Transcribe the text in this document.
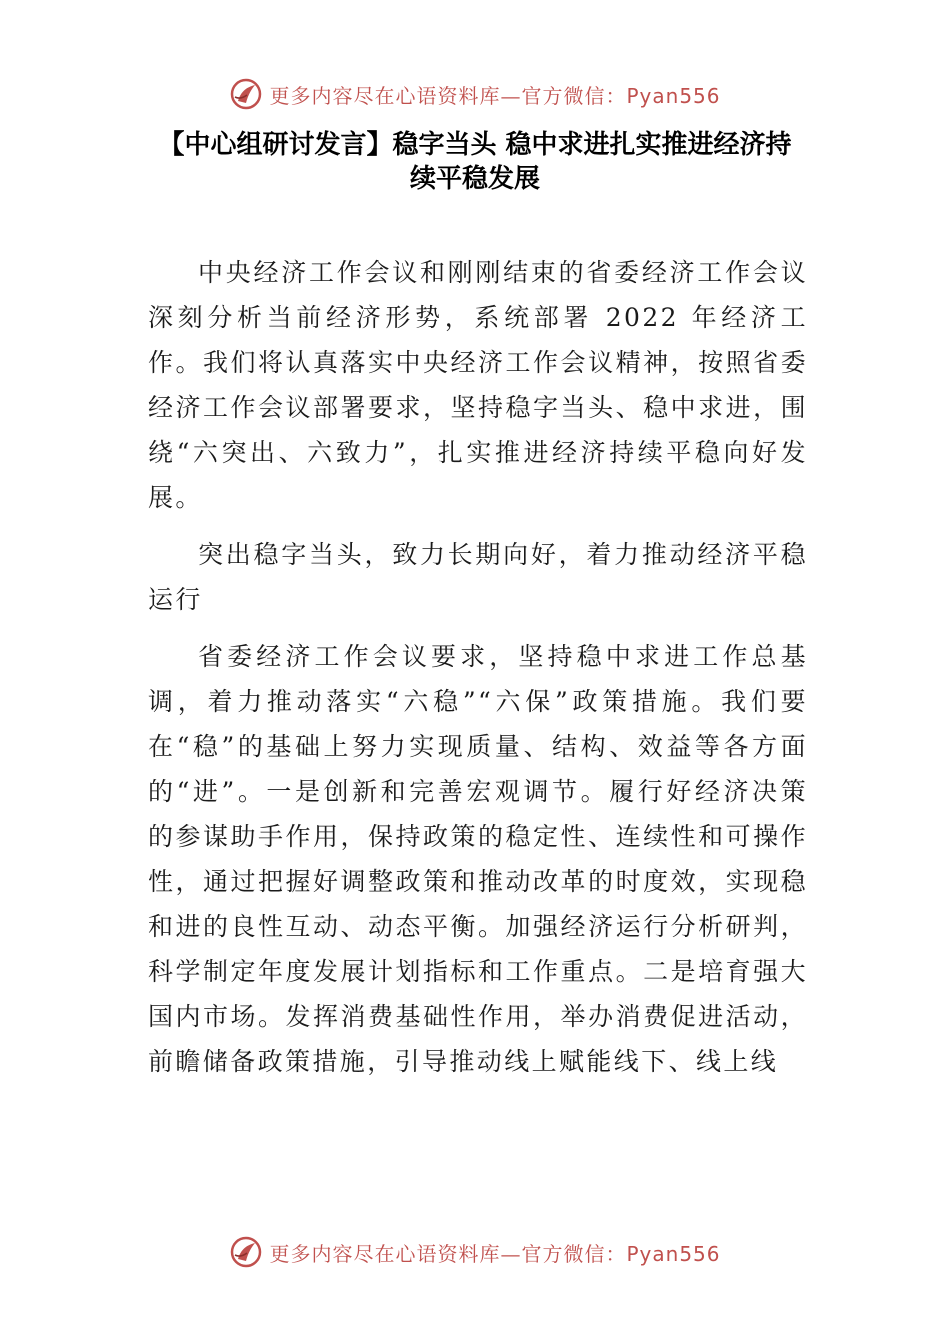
更多内容尽在心语资料库—官方微信：Pyan556
【中心组研讨发言】稳字当头 稳中求进扎实推进经济持
续平稳发展

中央经济工作会议和刚刚结束的省委经济工作会议深刻分析当前经济形势，系统部署 2022 年经济工作。我们将认真落实中央经济工作会议精神，按照省委经济工作会议部署要求，坚持稳字当头、稳中求进，围绕“六突出、六致力”，扎实推进经济持续平稳向好发展。

突出稳字当头，致力长期向好，着力推动经济平稳运行

省委经济工作会议要求，坚持稳中求进工作总基调，着力推动落实“六稳”“六保”政策措施。我们要在“稳”的基础上努力实现质量、结构、效益等各方面的“进”。一是创新和完善宏观调节。履行好经济决策的参谋助手作用，保持政策的稳定性、连续性和可操作性，通过把握好调整政策和推动改革的时度效，实现稳和进的良性互动、动态平衡。加强经济运行分析研判，科学制定年度发展计划指标和工作重点。二是培育强大国内市场。发挥消费基础性作用，举办消费促进活动，前瞻储备政策措施，引导推动线上赋能线下、线上线

更多内容尽在心语资料库—官方微信：Pyan556
